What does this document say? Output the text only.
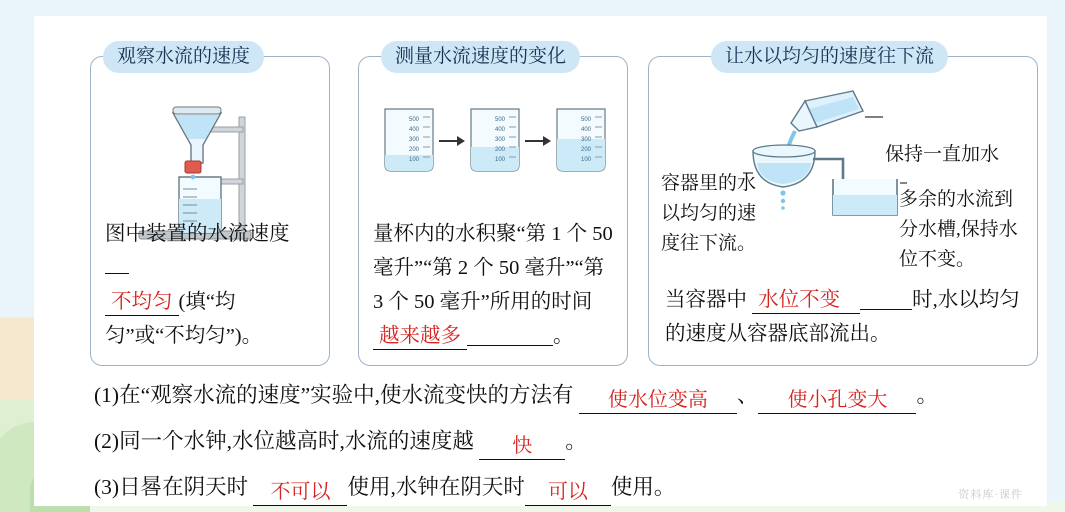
观察水流的速度
图中装置的水流速度
不均匀 (填“均匀”或“不均匀”)。
测量水流速度的变化
500
400
300
200
100
500
400
300
200
100
500
400
300
200
100
量杯内的水积聚“第 1 个 50 毫升”“第 2 个 50 毫升”“第 3 个 50 毫升”所用的时间越来越多	。
让水以均匀的速度往下流
容器里的水以均匀的速度往下流。
保持一直加水
多余的水流到分水槽,保持水位不变。
当容器中 水位不变	时,水以均匀的速度从容器底部流出。
(1)在“观察水流的速度”实验中,使水流变快的方法有 使水位变高 、 使小孔变大 。
(2)同一个水钟,水位越高时,水流的速度越 快 。
(3)日晷在阴天时 不可以 使用,水钟在阴天时 可以 使用。	资料库·课件
